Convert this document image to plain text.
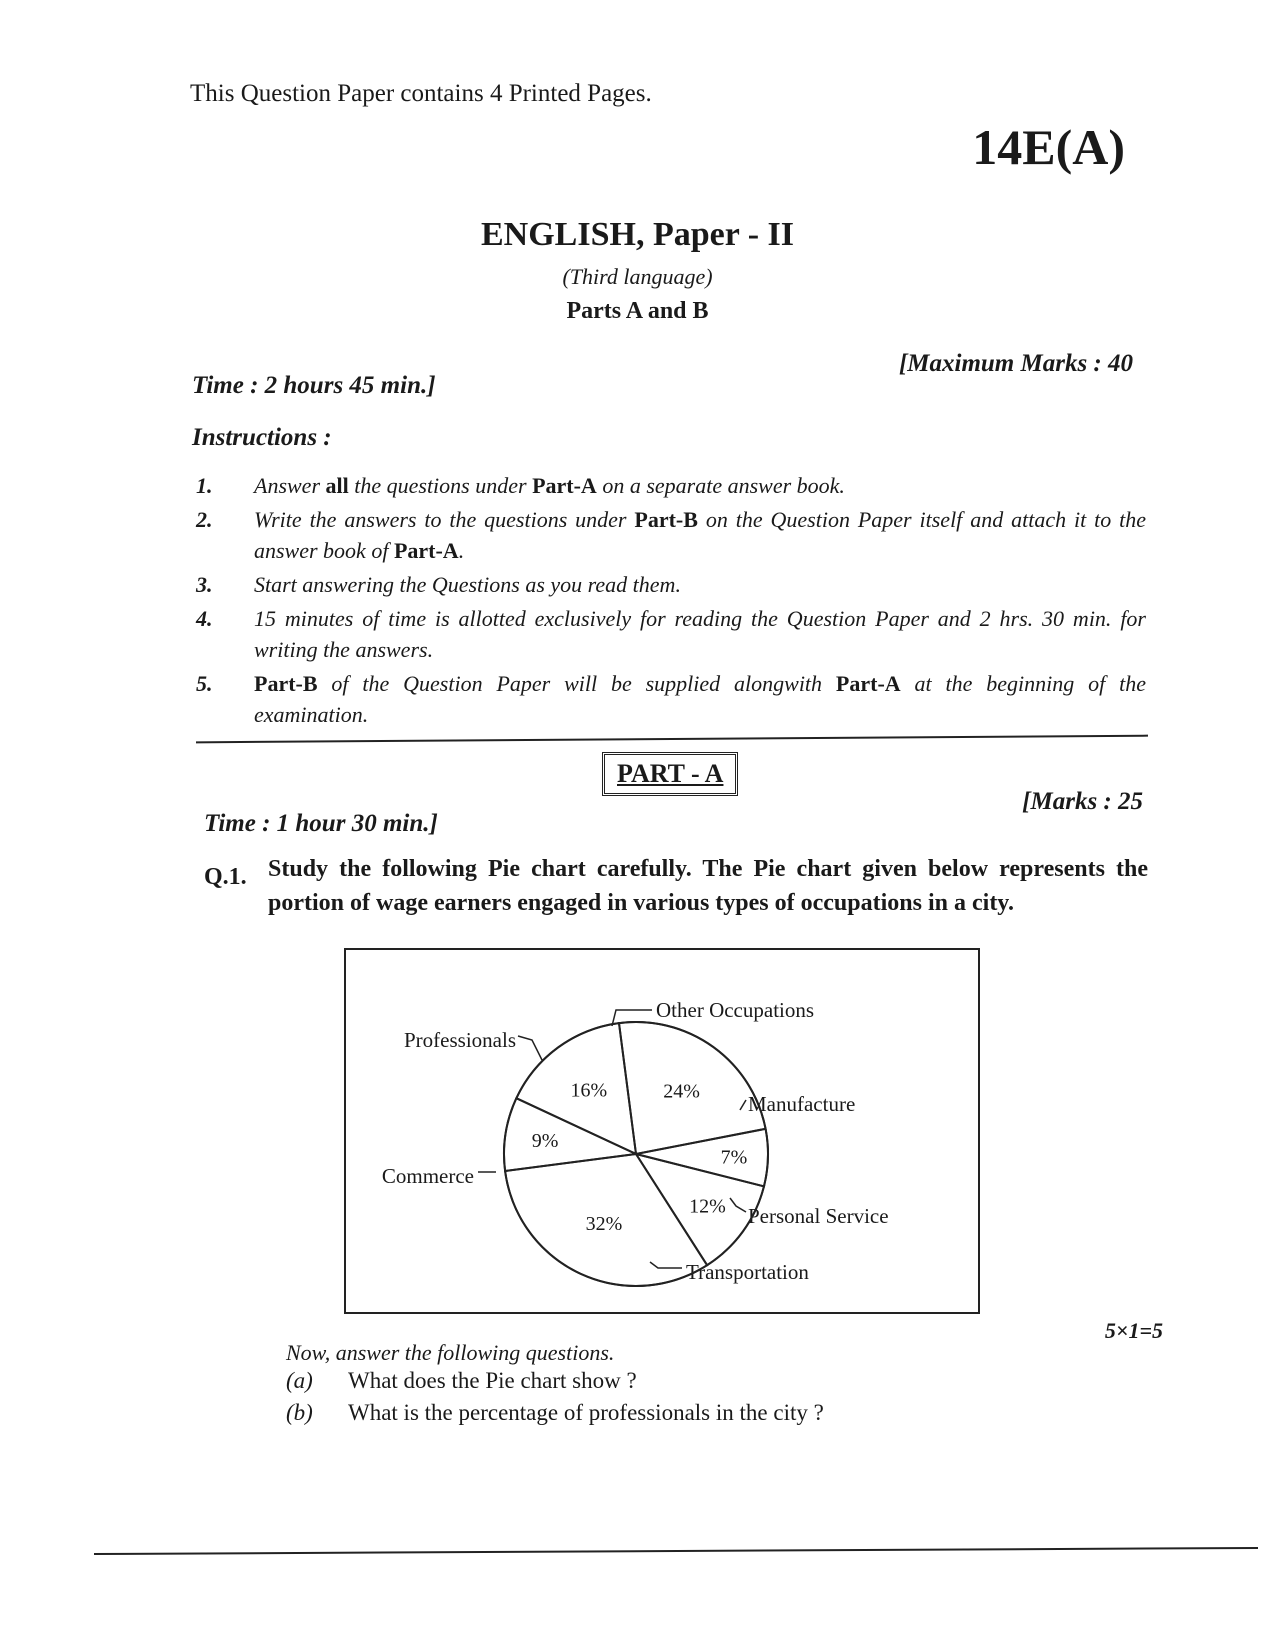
This Question Paper contains 4 Printed Pages.
14E(A)
ENGLISH, Paper - II
(Third language)
Parts A and B
Time : 2 hours 45 min.]
[Maximum Marks : 40
Instructions :
1.	Answer all the questions under Part-A on a separate answer book.
2.	Write the answers to the questions under Part-B on the Question Paper itself and attach it to the answer book of Part-A.
3.	Start answering the Questions as you read them.
4.	15 minutes of time is allotted exclusively for reading the Question Paper and 2 hrs. 30 min. for writing the answers.
5.	Part-B of the Question Paper will be supplied alongwith Part-A at the beginning of the examination.
PART - A
Time : 1 hour 30 min.]
[Marks : 25
Q.1. Study the following Pie chart carefully. The Pie chart given below represents the portion of wage earners engaged in various types of occupations in a city.
16%
Other Occupations
24%
Manufacture
7%
Personal Service
12%
Transportation
32%
Commerce
9%
Professionals
5×1=5
Now, answer the following questions.
(a) What does the Pie chart show ?
(b) What is the percentage of professionals in the city ?
